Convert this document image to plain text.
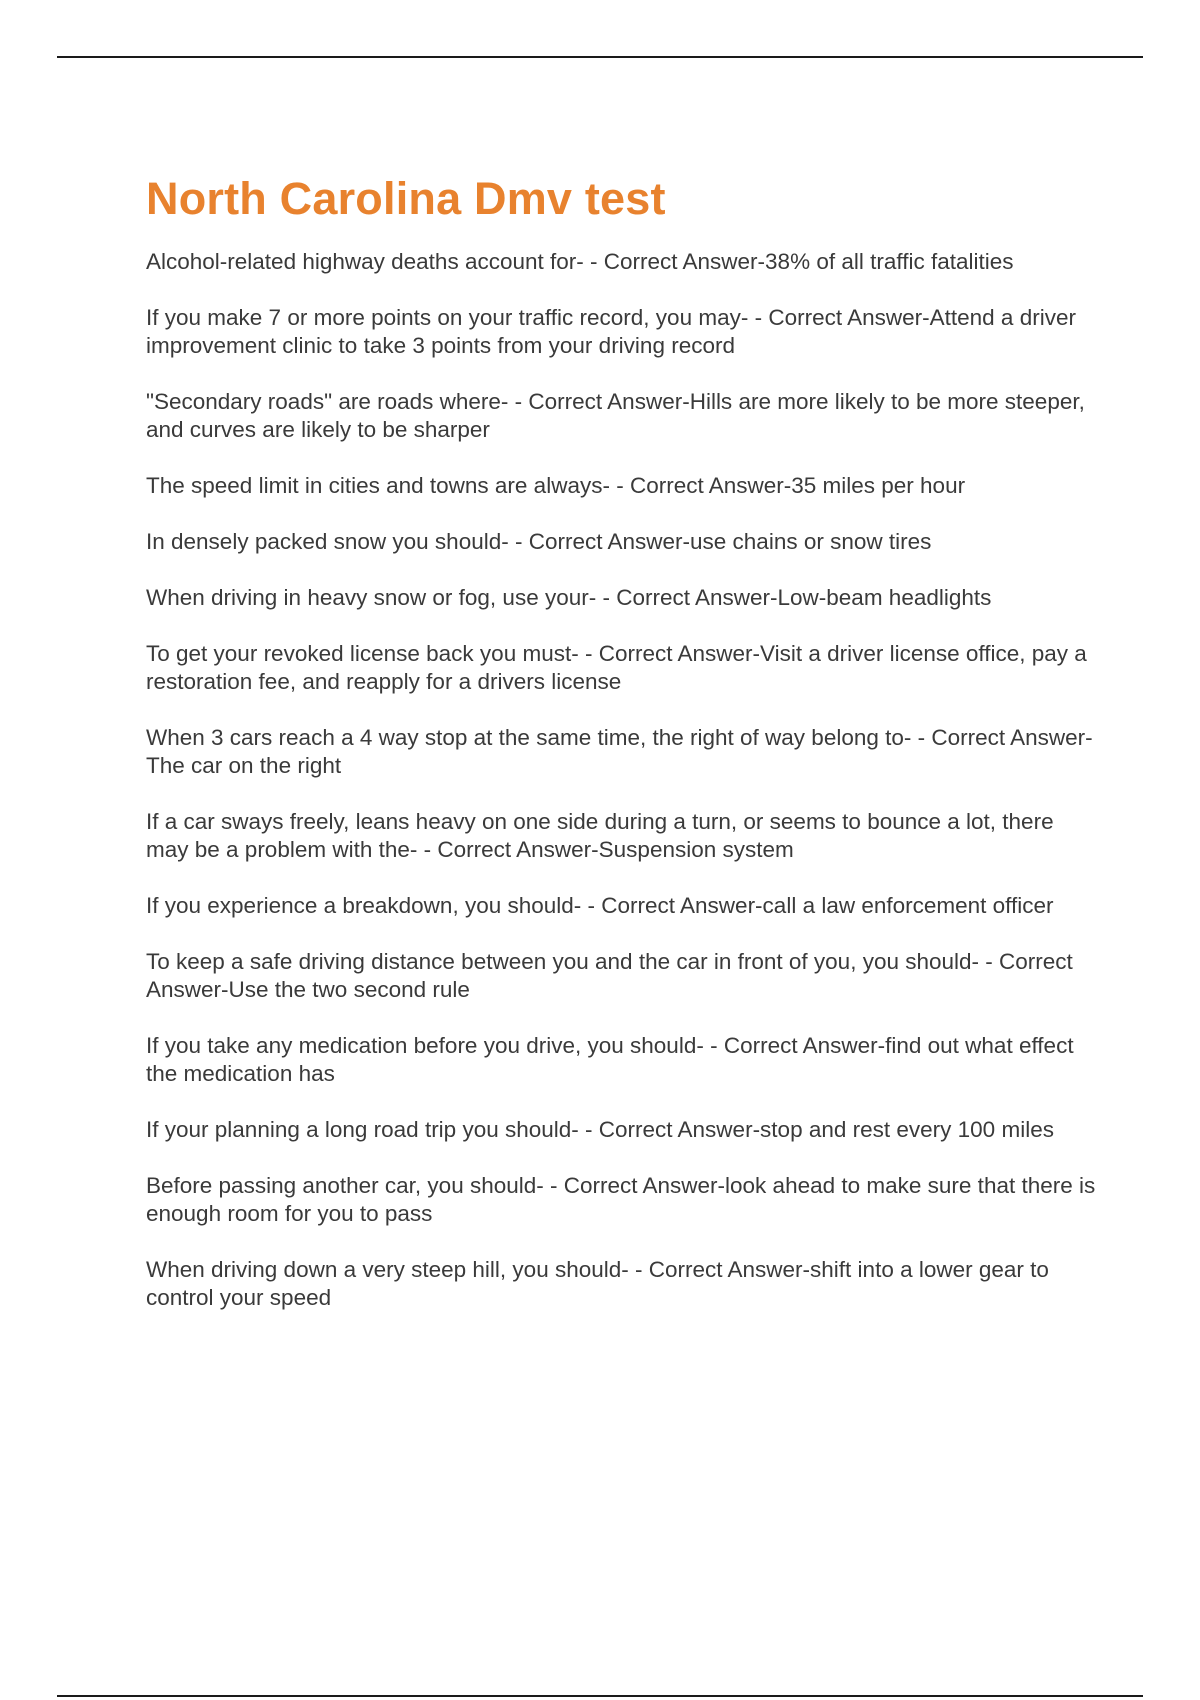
North Carolina Dmv test
Alcohol-related highway deaths account for- - Correct Answer-38% of all traffic fatalities
If you make 7 or more points on your traffic record, you may- - Correct Answer-Attend a driver improvement clinic to take 3 points from your driving record
"Secondary roads" are roads where- - Correct Answer-Hills are more likely to be more steeper, and curves are likely to be sharper
The speed limit in cities and towns are always- - Correct Answer-35 miles per hour
In densely packed snow you should- - Correct Answer-use chains or snow tires
When driving in heavy snow or fog, use your- - Correct Answer-Low-beam headlights
To get your revoked license back you must- - Correct Answer-Visit a driver license office, pay a restoration fee, and reapply for a drivers license
When 3 cars reach a 4 way stop at the same time, the right of way belong to- - Correct Answer-The car on the right
If a car sways freely, leans heavy on one side during a turn, or seems to bounce a lot, there may be a problem with the- - Correct Answer-Suspension system
If you experience a breakdown, you should- - Correct Answer-call a law enforcement officer
To keep a safe driving distance between you and the car in front of you, you should- - Correct Answer-Use the two second rule
If you take any medication before you drive, you should- - Correct Answer-find out what effect the medication has
If your planning a long road trip you should- - Correct Answer-stop and rest every 100 miles
Before passing another car, you should- - Correct Answer-look ahead to make sure that there is enough room for you to pass
When driving down a very steep hill, you should- - Correct Answer-shift into a lower gear to control your speed
